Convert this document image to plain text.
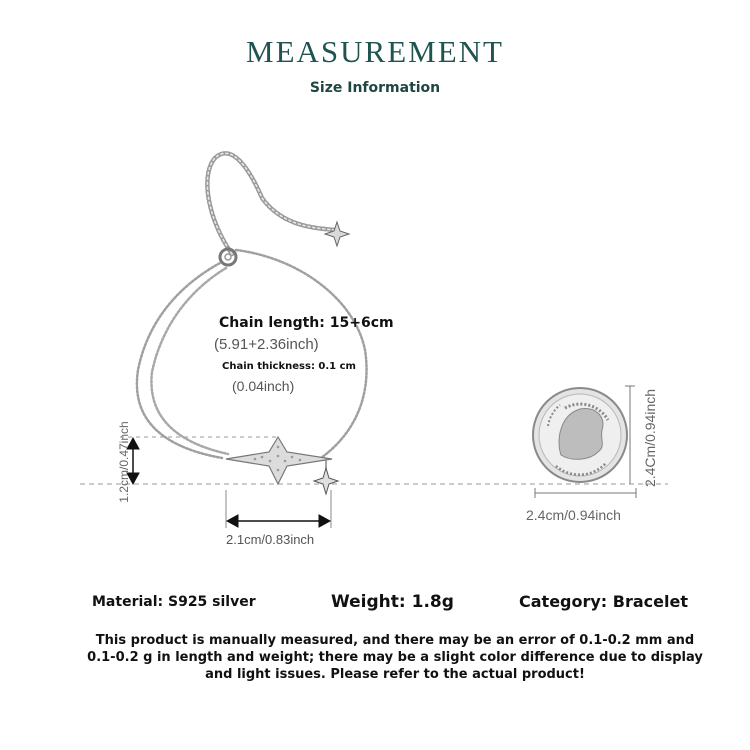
MEASUREMENT
Size Information
Chain length: 15+6cm
(5.91+2.36inch)
Chain thickness: 0.1 cm
(0.04inch)
2.1cm/0.83inch
1.2cm/0.47inch
2.4cm/0.94inch
2.4Cm/0.94inch
Material: S925 silver	Weight: 1.8g	Category: Bracelet
This product is manually measured, and there may be an error of 0.1-0.2 mm and 0.1-0.2 g in length and weight; there may be a slight color difference due to display and light issues. Please refer to the actual product!
